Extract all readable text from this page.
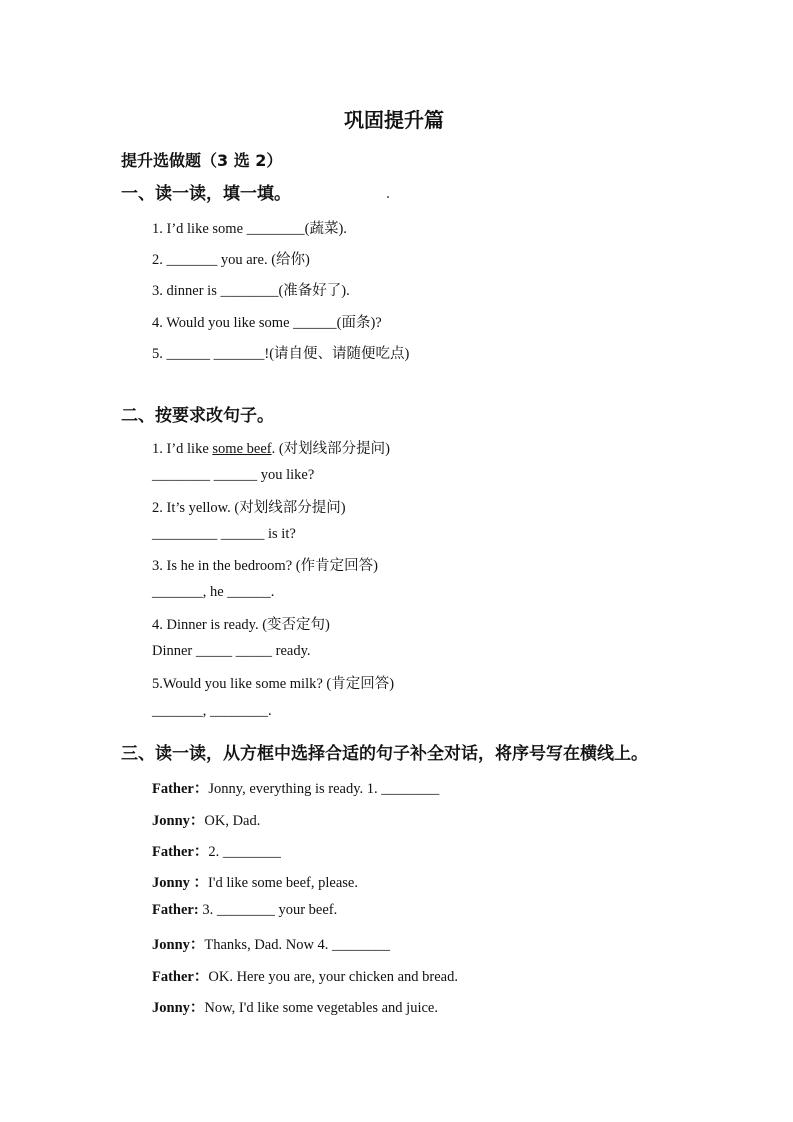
巩固提升篇
提升选做题（3 选 2）
一、读一读，填一填。
1. I’d like some ________(蔬菜).
2. _______ you are. (给你)
3. dinner is ________(准备好了).
4. Would you like some ______(面条)?
5. ______ _______!(请自便、请随便吃点)
二、按要求改句子。
1. I’d like some beef. (对划线部分提问)
________ ______ you like?
2. It’s yellow. (对划线部分提问)
_________ ______ is it?
3. Is he in the bedroom? (作肯定回答)
_______, he ______.
4. Dinner is ready. (变否定句)
Dinner _____ _____ ready.
5.Would you like some milk? (肯定回答)
_______, ________.
三、读一读，从方框中选择合适的句子补全对话，将序号写在横线上。
Father：Jonny, everything is ready. 1. ________
Jonny：OK, Dad.
Father：2. ________
Jonny ：I'd like some beef, please.
Father: 3. ________ your beef.
Jonny：Thanks, Dad. Now 4. ________
Father：OK. Here you are, your chicken and bread.
Jonny：Now, I'd like some vegetables and juice.
